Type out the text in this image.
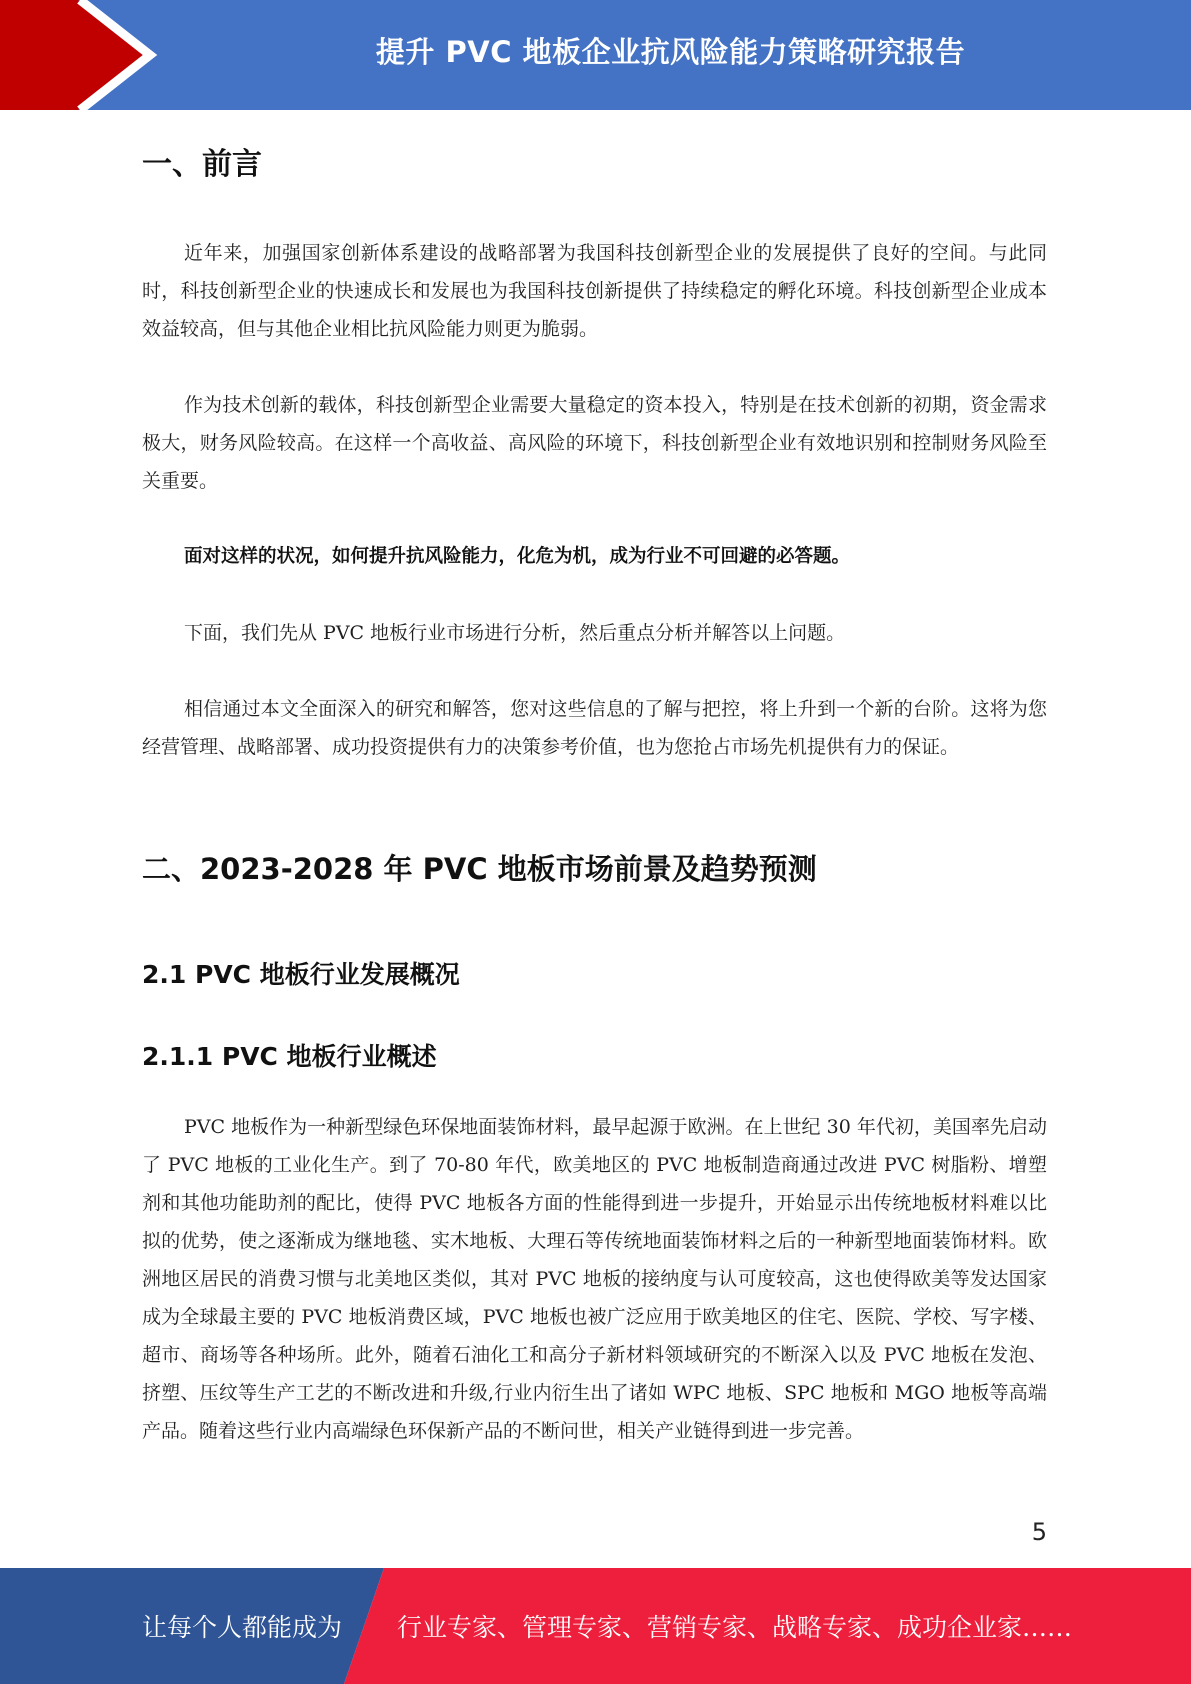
提升 PVC 地板企业抗风险能力策略研究报告
一、前言

近年来，加强国家创新体系建设的战略部署为我国科技创新型企业的发展提供了良好的空间。与此同时，科技创新型企业的快速成长和发展也为我国科技创新提供了持续稳定的孵化环境。科技创新型企业成本效益较高，但与其他企业相比抗风险能力则更为脆弱。

作为技术创新的载体，科技创新型企业需要大量稳定的资本投入，特别是在技术创新的初期，资金需求极大，财务风险较高。在这样一个高收益、高风险的环境下，科技创新型企业有效地识别和控制财务风险至关重要。

面对这样的状况，如何提升抗风险能力，化危为机，成为行业不可回避的必答题。

下面，我们先从 PVC 地板行业市场进行分析，然后重点分析并解答以上问题。

相信通过本文全面深入的研究和解答，您对这些信息的了解与把控，将上升到一个新的台阶。这将为您经营管理、战略部署、成功投资提供有力的决策参考价值，也为您抢占市场先机提供有力的保证。

二、2023-2028 年 PVC 地板市场前景及趋势预测
2.1 PVC 地板行业发展概况
2.1.1 PVC 地板行业概述

PVC 地板作为一种新型绿色环保地面装饰材料，最早起源于欧洲。在上世纪 30 年代初，美国率先启动了 PVC 地板的工业化生产。到了 70-80 年代，欧美地区的 PVC 地板制造商通过改进 PVC 树脂粉、增塑剂和其他功能助剂的配比，使得 PVC 地板各方面的性能得到进一步提升，开始显示出传统地板材料难以比拟的优势，使之逐渐成为继地毯、实木地板、大理石等传统地面装饰材料之后的一种新型地面装饰材料。欧洲地区居民的消费习惯与北美地区类似，其对 PVC 地板的接纳度与认可度较高，这也使得欧美等发达国家成为全球最主要的 PVC 地板消费区域，PVC 地板也被广泛应用于欧美地区的住宅、医院、学校、写字楼、超市、商场等各种场所。此外，随着石油化工和高分子新材料领域研究的不断深入以及 PVC 地板在发泡、挤塑、压纹等生产工艺的不断改进和升级,行业内衍生出了诸如 WPC 地板、SPC 地板和 MGO 地板等高端产品。随着这些行业内高端绿色环保新产品的不断问世，相关产业链得到进一步完善。

5
让每个人都能成为 行业专家、管理专家、营销专家、战略专家、成功企业家……
